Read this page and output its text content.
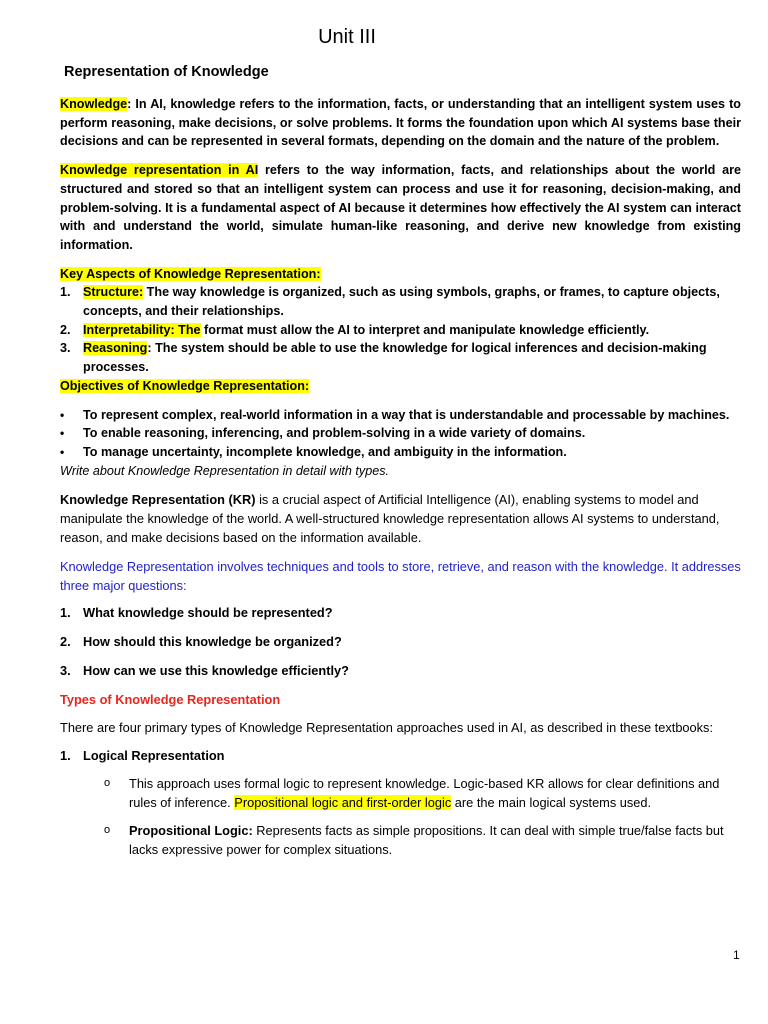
Unit III
Representation of Knowledge

Knowledge: In AI, knowledge refers to the information, facts, or understanding that an intelligent system uses to perform reasoning, make decisions, or solve problems. It forms the foundation upon which AI systems base their decisions and can be represented in several formats, depending on the domain and the nature of the problem.

Knowledge representation in AI refers to the way information, facts, and relationships about the world are structured and stored so that an intelligent system can process and use it for reasoning, decision-making, and problem-solving. It is a fundamental aspect of AI because it determines how effectively the AI system can interact with and understand the world, simulate human-like reasoning, and derive new knowledge from existing information.

Key Aspects of Knowledge Representation:
1. Structure: The way knowledge is organized, such as using symbols, graphs, or frames, to capture objects, concepts, and their relationships.
2. Interpretability: The format must allow the AI to interpret and manipulate knowledge efficiently.
3. Reasoning: The system should be able to use the knowledge for logical inferences and decision-making processes.
Objectives of Knowledge Representation:
•	To represent complex, real-world information in a way that is understandable and processable by machines.
•	To enable reasoning, inferencing, and problem-solving in a wide variety of domains.
•	To manage uncertainty, incomplete knowledge, and ambiguity in the information.
Write about Knowledge Representation in detail with types.

Knowledge Representation (KR) is a crucial aspect of Artificial Intelligence (AI), enabling systems to model and manipulate the knowledge of the world. A well-structured knowledge representation allows AI systems to understand, reason, and make decisions based on the information available.

Knowledge Representation involves techniques and tools to store, retrieve, and reason with the knowledge. It addresses three major questions:

1. What knowledge should be represented?
2. How should this knowledge be organized?
3. How can we use this knowledge efficiently?

Types of Knowledge Representation

There are four primary types of Knowledge Representation approaches used in AI, as described in these textbooks:

1. Logical Representation
o	This approach uses formal logic to represent knowledge. Logic-based KR allows for clear definitions and rules of inference. Propositional logic and first-order logic are the main logical systems used.
o	Propositional Logic: Represents facts as simple propositions. It can deal with simple true/false facts but lacks expressive power for complex situations.
1
